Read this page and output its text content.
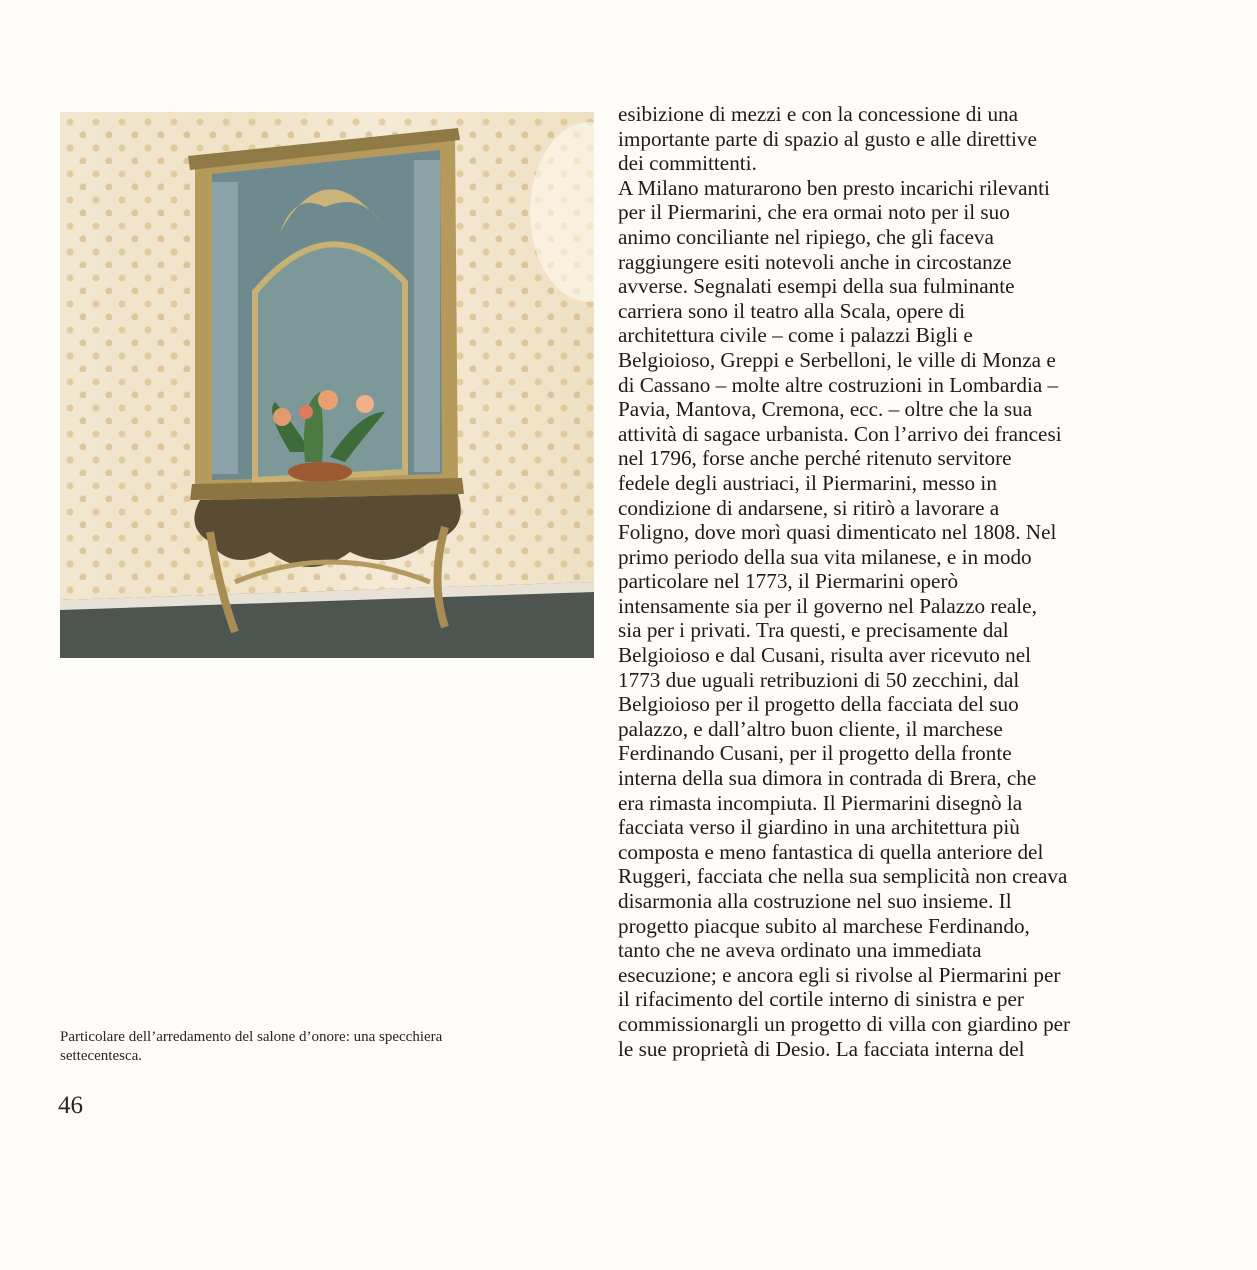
Particolare dell’arredamento del salone d’onore: una specchiera
settecentesca.
46
esibizione di mezzi e con la concessione di una
importante parte di spazio al gusto e alle direttive
dei committenti.
A Milano maturarono ben presto incarichi rilevanti
per il Piermarini, che era ormai noto per il suo
animo conciliante nel ripiego, che gli faceva
raggiungere esiti notevoli anche in circostanze
avverse. Segnalati esempi della sua fulminante
carriera sono il teatro alla Scala, opere di
architettura civile – come i palazzi Bigli e
Belgioioso, Greppi e Serbelloni, le ville di Monza e
di Cassano – molte altre costruzioni in Lombardia –
Pavia, Mantova, Cremona, ecc. – oltre che la sua
attività di sagace urbanista. Con l’arrivo dei francesi
nel 1796, forse anche perché ritenuto servitore
fedele degli austriaci, il Piermarini, messo in
condizione di andarsene, si ritirò a lavorare a
Foligno, dove morì quasi dimenticato nel 1808. Nel
primo periodo della sua vita milanese, e in modo
particolare nel 1773, il Piermarini operò
intensamente sia per il governo nel Palazzo reale,
sia per i privati. Tra questi, e precisamente dal
Belgioioso e dal Cusani, risulta aver ricevuto nel
1773 due uguali retribuzioni di 50 zecchini, dal
Belgioioso per il progetto della facciata del suo
palazzo, e dall’altro buon cliente, il marchese
Ferdinando Cusani, per il progetto della fronte
interna della sua dimora in contrada di Brera, che
era rimasta incompiuta. Il Piermarini disegnò la
facciata verso il giardino in una architettura più
composta e meno fantastica di quella anteriore del
Ruggeri, facciata che nella sua semplicità non creava
disarmonia alla costruzione nel suo insieme. Il
progetto piacque subito al marchese Ferdinando,
tanto che ne aveva ordinato una immediata
esecuzione; e ancora egli si rivolse al Piermarini per
il rifacimento del cortile interno di sinistra e per
commissionargli un progetto di villa con giardino per
le sue proprietà di Desio. La facciata interna del
